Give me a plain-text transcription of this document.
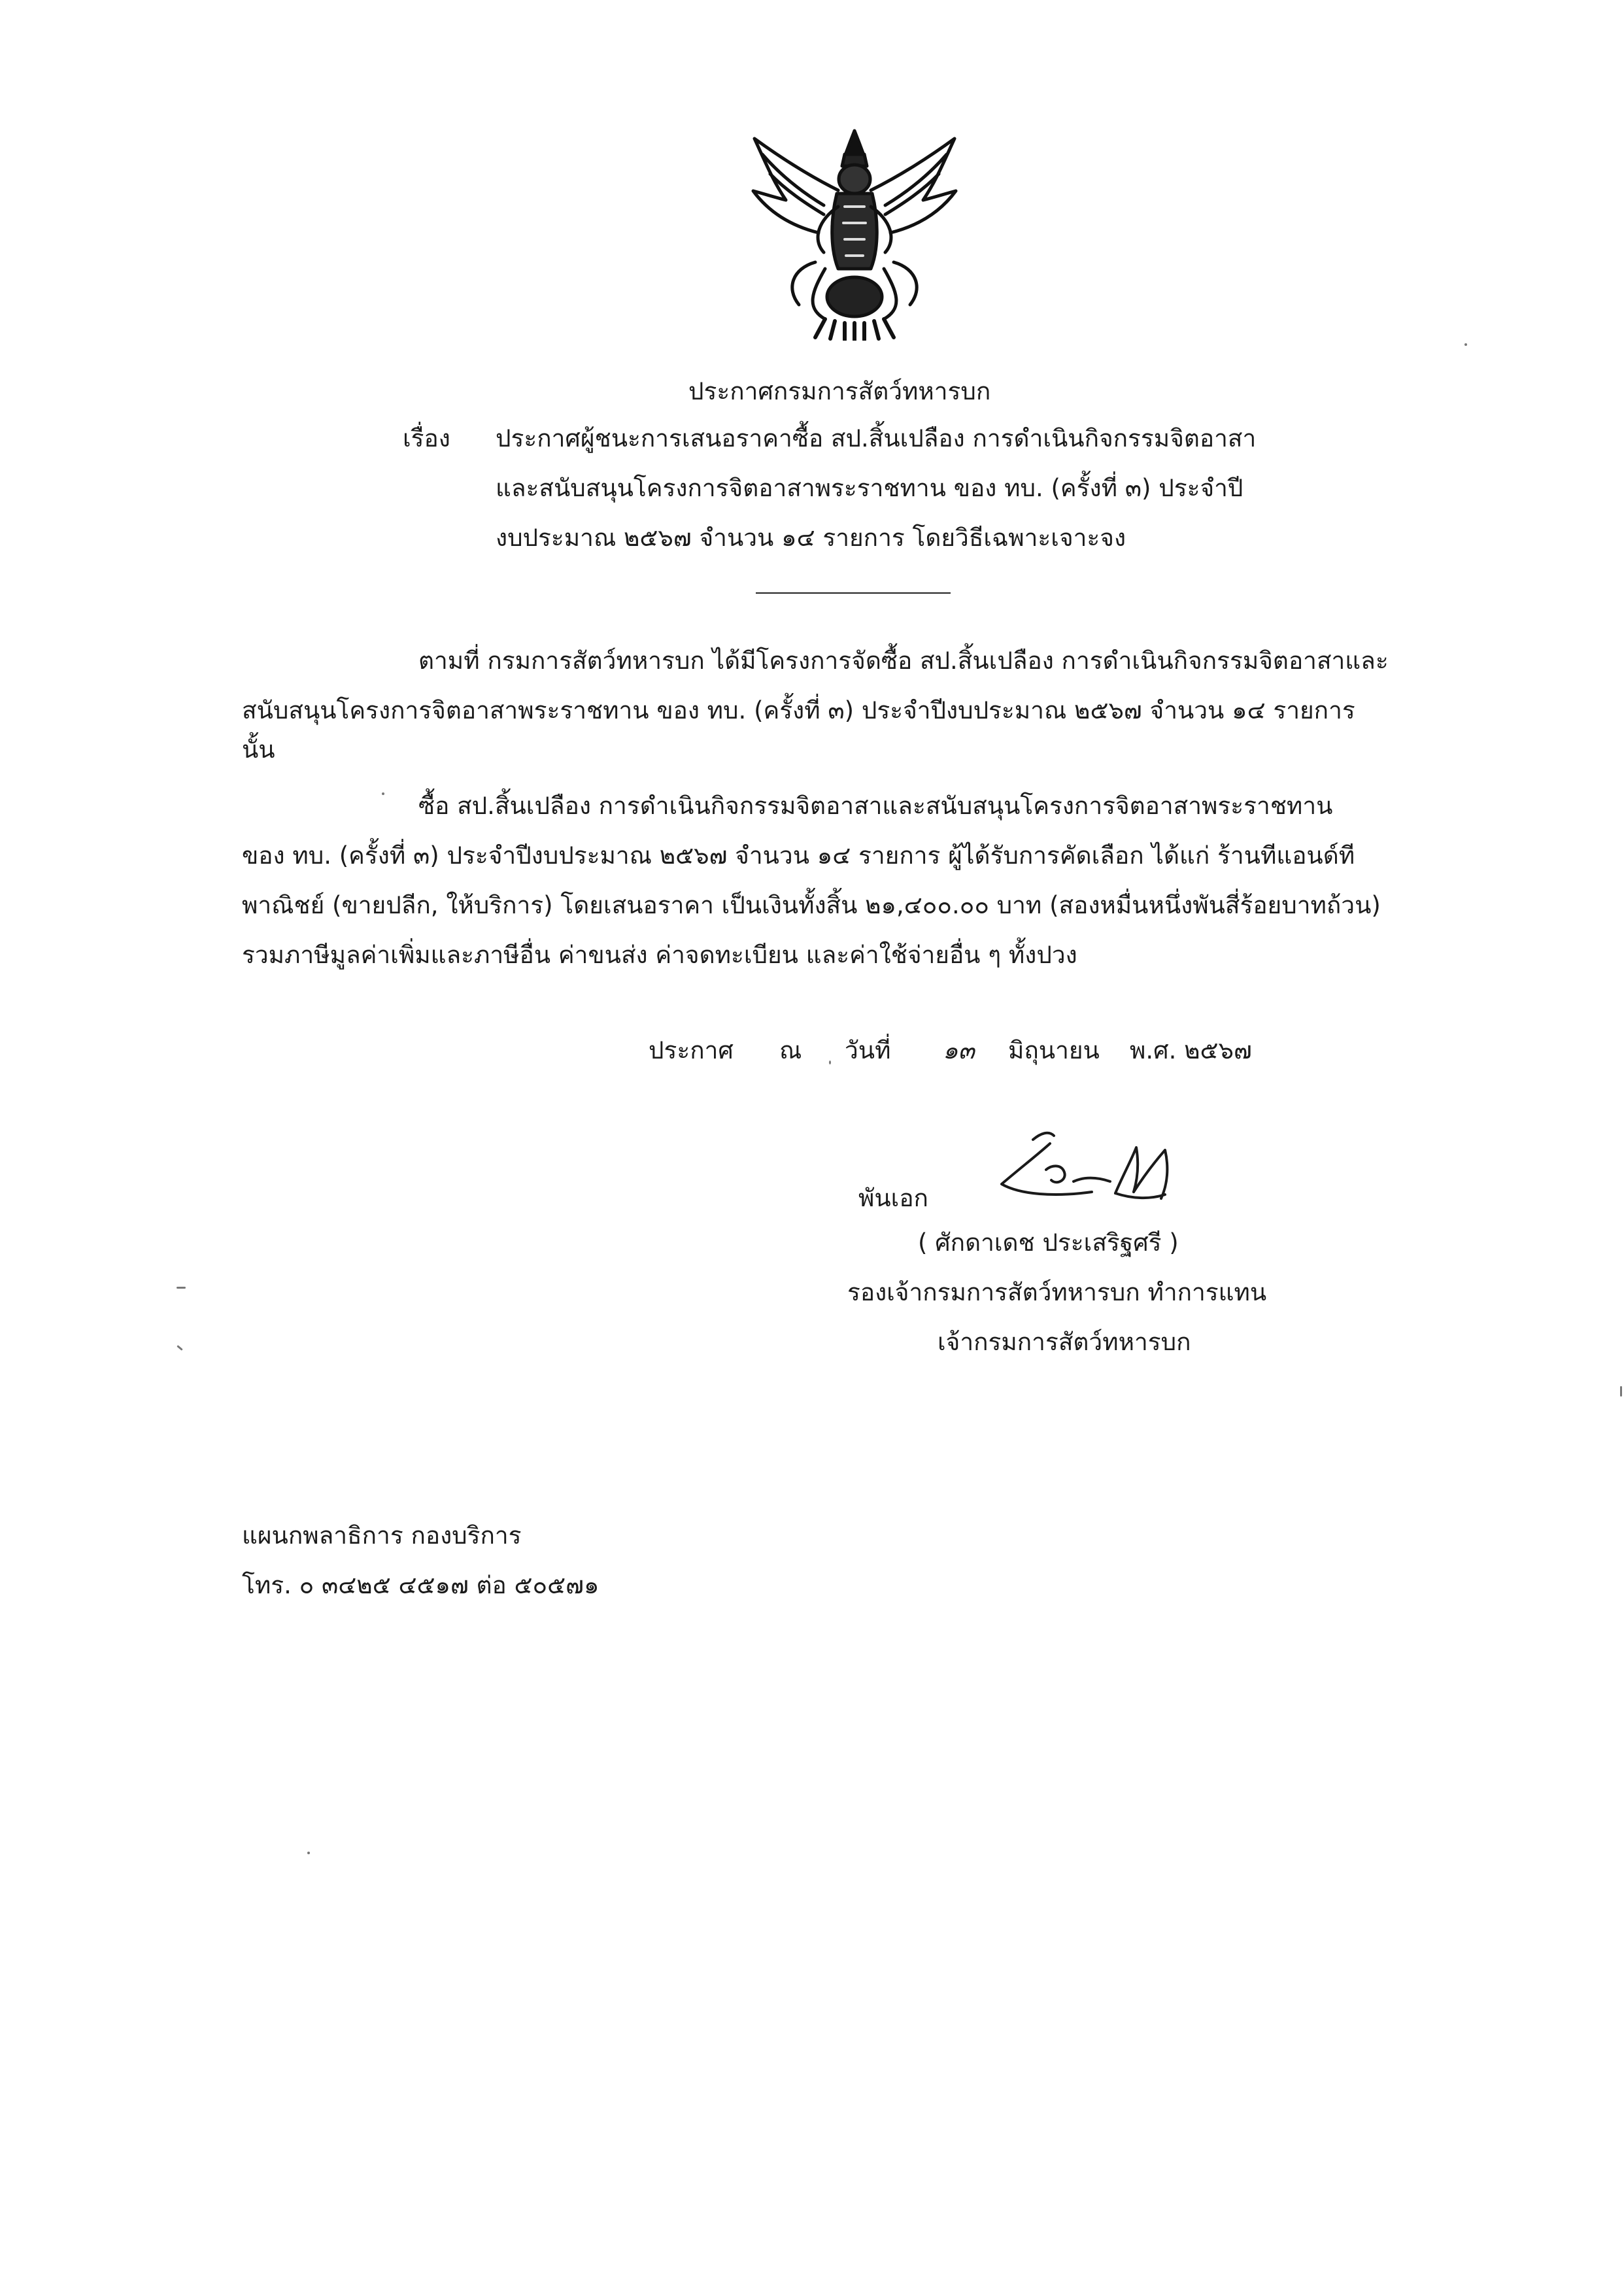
ประกาศกรมการสัตว์ทหารบก
เรื่อง ประกาศผู้ชนะการเสนอราคาซื้อ สป.สิ้นเปลือง การดำเนินกิจกรรมจิตอาสา
และสนับสนุนโครงการจิตอาสาพระราชทาน ของ ทบ. (ครั้งที่ ๓) ประจำปี
งบประมาณ ๒๕๖๗ จำนวน ๑๔ รายการ โดยวิธีเฉพาะเจาะจง
ตามที่ กรมการสัตว์ทหารบก ได้มีโครงการจัดซื้อ สป.สิ้นเปลือง การดำเนินกิจกรรมจิตอาสาและ
สนับสนุนโครงการจิตอาสาพระราชทาน ของ ทบ. (ครั้งที่ ๓) ประจำปีงบประมาณ ๒๕๖๗ จำนวน ๑๔ รายการ
นั้น
ซื้อ สป.สิ้นเปลือง การดำเนินกิจกรรมจิตอาสาและสนับสนุนโครงการจิตอาสาพระราชทาน
ของ ทบ. (ครั้งที่ ๓) ประจำปีงบประมาณ ๒๕๖๗ จำนวน ๑๔ รายการ ผู้ได้รับการคัดเลือก ได้แก่ ร้านทีแอนด์ที
พาณิชย์ (ขายปลีก, ให้บริการ) โดยเสนอราคา เป็นเงินทั้งสิ้น ๒๑,๔๐๐.๐๐ บาท (สองหมื่นหนึ่งพันสี่ร้อยบาทถ้วน)
รวมภาษีมูลค่าเพิ่มและภาษีอื่น ค่าขนส่ง ค่าจดทะเบียน และค่าใช้จ่ายอื่น ๆ ทั้งปวง
ประกาศ ณ วันที่ ๑๓ มิถุนายน พ.ศ. ๒๕๖๗
พันเอก
( ศักดาเดช ประเสริฐศรี )
รองเจ้ากรมการสัตว์ทหารบก ทำการแทน
เจ้ากรมการสัตว์ทหารบก
แผนกพลาธิการ กองบริการ
โทร. ๐ ๓๔๒๕ ๔๕๑๗ ต่อ ๕๐๕๗๑
